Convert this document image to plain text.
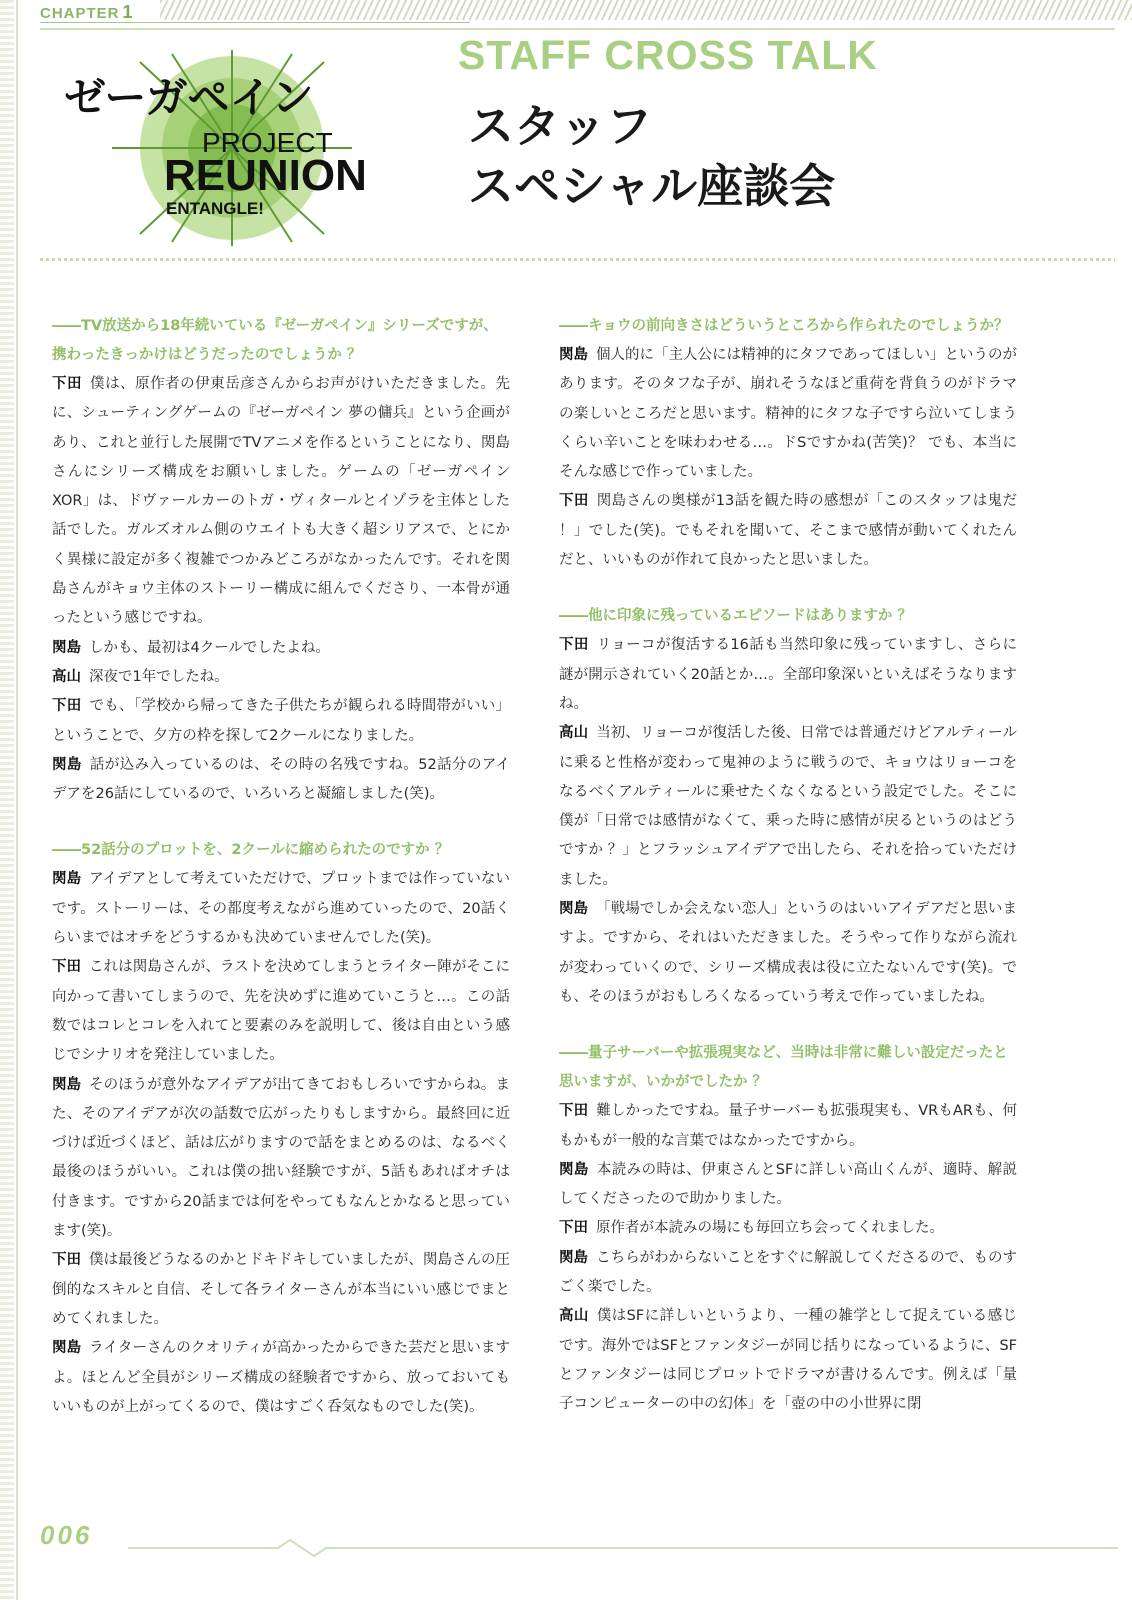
CHAPTER 1
STAFF CROSS TALK
ゼーガペイン
PROJECT
REUNION
ENTANGLE!
スタッフ
スペシャル座談会
――TV放送から18年続いている『ゼーガペイン』シリーズですが、携わったきっかけはどうだったのでしょうか ？
下田 僕は、原作者の伊東岳彦さんからお声がけいただきました。先に、シューティングゲームの『ゼーガペイン 夢の傭兵』という企画があり、これと並行した展開でTVアニメを作るということになり、関島さんにシリーズ構成をお願いしました。ゲームの「ゼーガペイン XOR」は、ドヴァールカーのトガ・ヴィタールとイゾラを主体とした話でした。ガルズオルム側のウエイトも大きく超シリアスで、とにかく異様に設定が多く複雑でつかみどころがなかったんです。それを関島さんがキョウ主体のストーリー構成に組んでくださり、一本骨が通ったという感じですね。
関島 しかも、最初は4クールでしたよね。
高山 深夜で1年でしたね。
下田 でも、「学校から帰ってきた子供たちが観られる時間帯がいい」ということで、夕方の枠を探して2クールになりました。
関島 話が込み入っているのは、その時の名残ですね。52話分のアイデアを26話にしているので、いろいろと凝縮しました(笑)。
――52話分のプロットを、2クールに縮められたのですか ？
関島 アイデアとして考えていただけで、プロットまでは作っていないです。ストーリーは、その都度考えながら進めていったので、20話くらいまではオチをどうするかも決めていませんでした(笑)。
下田 これは関島さんが、ラストを決めてしまうとライター陣がそこに向かって書いてしまうので、先を決めずに進めていこうと…。この話数ではコレとコレを入れてと要素のみを説明して、後は自由という感じでシナリオを発注していました。
関島 そのほうが意外なアイデアが出てきておもしろいですからね。また、そのアイデアが次の話数で広がったりもしますから。最終回に近づけば近づくほど、話は広がりますので話をまとめるのは、なるべく最後のほうがいい。これは僕の拙い経験ですが、5話もあればオチは付きます。ですから20話までは何をやってもなんとかなると思っています(笑)。
下田 僕は最後どうなるのかとドキドキしていましたが、関島さんの圧倒的なスキルと自信、そして各ライターさんが本当にいい感じでまとめてくれました。
関島 ライターさんのクオリティが高かったからできた芸だと思いますよ。ほとんど全員がシリーズ構成の経験者ですから、放っておいてもいいものが上がってくるので、僕はすごく呑気なものでした(笑)。
――キョウの前向きさはどういうところから作られたのでしょうか？
関島 個人的に「主人公には精神的にタフであってほしい」というのがあります。そのタフな子が、崩れそうなほど重荷を背負うのがドラマの楽しいところだと思います。精神的にタフな子ですら泣いてしまうくらい辛いことを味わわせる…。ドSですかね(苦笑)？ でも、本当にそんな感じで作っていました。
下田 関島さんの奥様が13話を観た時の感想が「このスタッフは鬼だ ！」でした(笑)。でもそれを聞いて、そこまで感情が動いてくれたんだと、いいものが作れて良かったと思いました。
――他に印象に残っているエピソードはありますか ？
下田 リョーコが復活する16話も当然印象に残っていますし、さらに謎が開示されていく20話とか…。全部印象深いといえばそうなりますね。
高山 当初、リョーコが復活した後、日常では普通だけどアルティールに乗ると性格が変わって鬼神のように戦うので、キョウはリョーコをなるべくアルティールに乗せたくなくなるという設定でした。そこに僕が「日常では感情がなくて、乗った時に感情が戻るというのはどうですか ？」とフラッシュアイデアで出したら、それを拾っていただけました。
関島 「戦場でしか会えない恋人」というのはいいアイデアだと思いますよ。ですから、それはいただきました。そうやって作りながら流れが変わっていくので、シリーズ構成表は役に立たないんです(笑)。でも、そのほうがおもしろくなるっていう考えで作っていましたね。
――量子サーバーや拡張現実など、当時は非常に難しい設定だったと思いますが、いかがでしたか ？
下田 難しかったですね。量子サーバーも拡張現実も、VRもARも、何もかもが一般的な言葉ではなかったですから。
関島 本読みの時は、伊東さんとSFに詳しい高山くんが、適時、解説してくださったので助かりました。
下田 原作者が本読みの場にも毎回立ち会ってくれました。
関島 こちらがわからないことをすぐに解説してくださるので、ものすごく楽でした。
高山 僕はSFに詳しいというより、一種の雑学として捉えている感じです。海外ではSFとファンタジーが同じ括りになっているように、SFとファンタジーは同じプロットでドラマが書けるんです。例えば「量子コンピューターの中の幻体」を「壺の中の小世界に閉
006
